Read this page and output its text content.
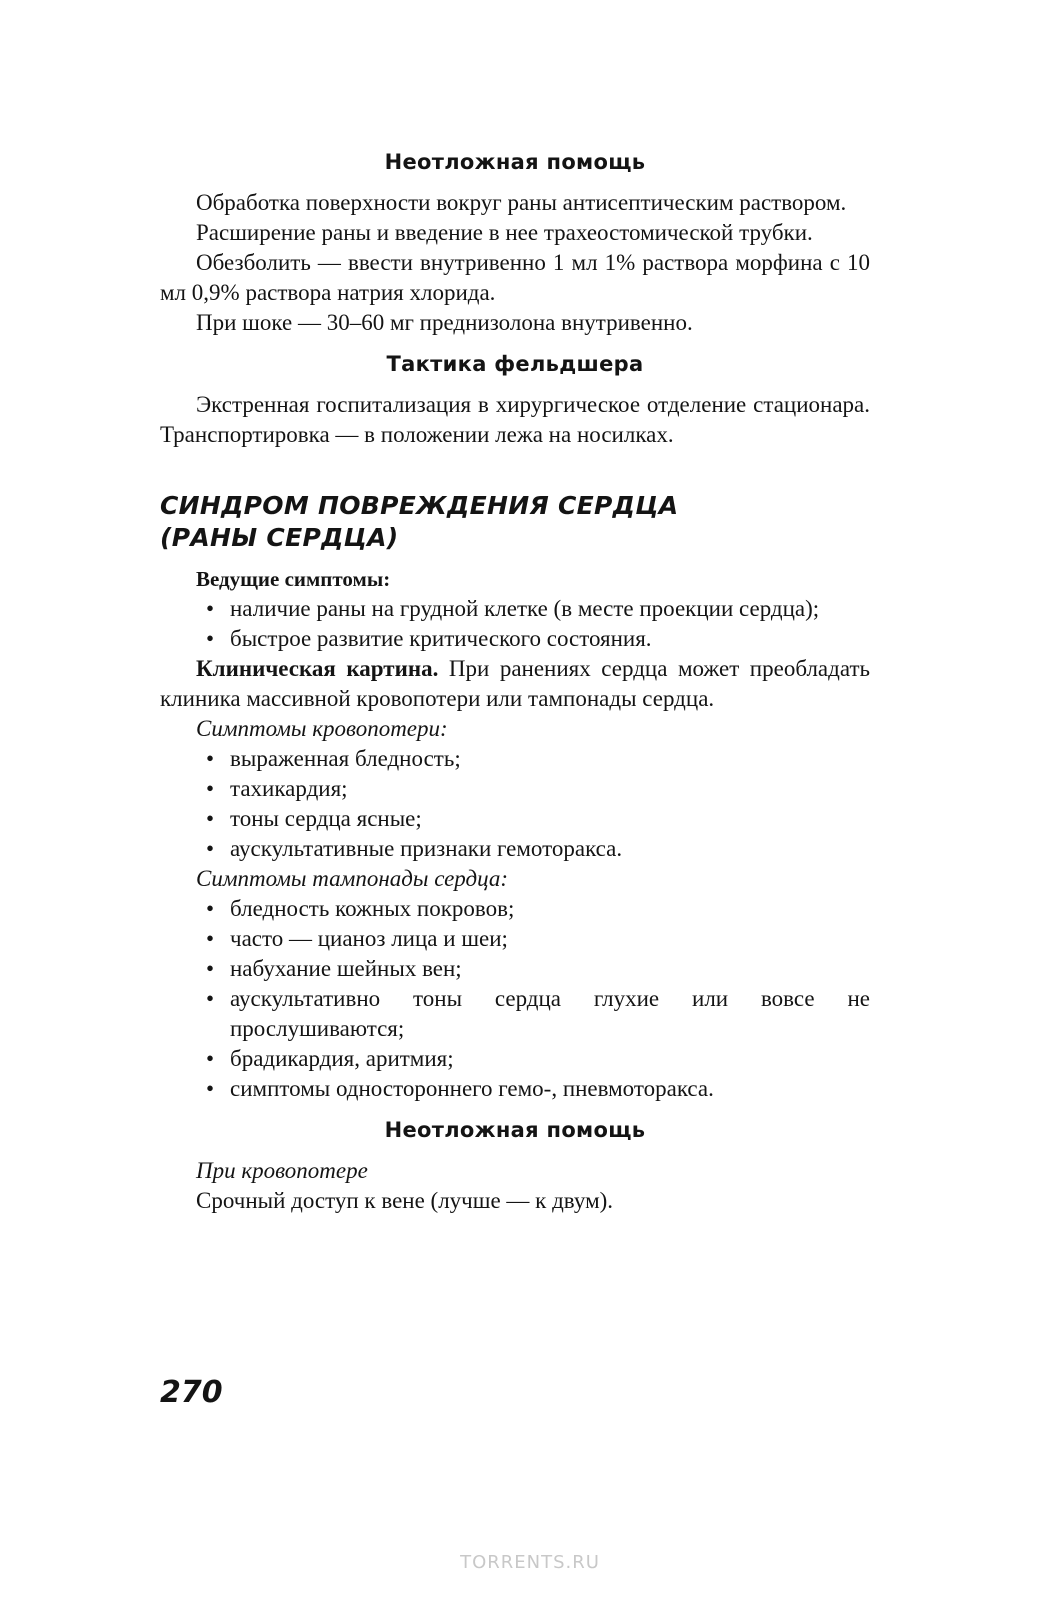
Неотложная помощь

Обработка поверхности вокруг раны антисептическим раствором.

Расширение раны и введение в нее трахеостомической трубки.

Обезболить — ввести внутривенно 1 мл 1% раствора морфина с 10 мл 0,9% раствора натрия хлорида.

При шоке — 30–60 мг преднизолона внутривенно.

Тактика фельдшера

Экстренная госпитализация в хирургическое отделение стационара. Транспортировка — в положении лежа на носилках.

СИНДРОМ ПОВРЕЖДЕНИЯ СЕРДЦА
(РАНЫ СЕРДЦА)
Ведущие симптомы:
• наличие раны на грудной клетке (в месте проекции сердца);
• быстрое развитие критического состояния.

Клиническая картина. При ранениях сердца может преобладать клиника массивной кровопотери или тампонады сердца.

Симптомы кровопотери:

• выраженная бледность;
• тахикардия;
• тоны сердца ясные;
• аускультативные признаки гемоторакса.

Симптомы тампонады сердца:

• бледность кожных покровов;
• часто — цианоз лица и шеи;
• набухание шейных вен;
• аускультативно тоны сердца глухие или вовсе не прослушиваются;
• брадикардия, аритмия;
• симптомы одностороннего гемо-, пневмоторакса.
Неотложная помощь

При кровопотере

Срочный доступ к вене (лучше — к двум).

270
TORRENTS.RU
